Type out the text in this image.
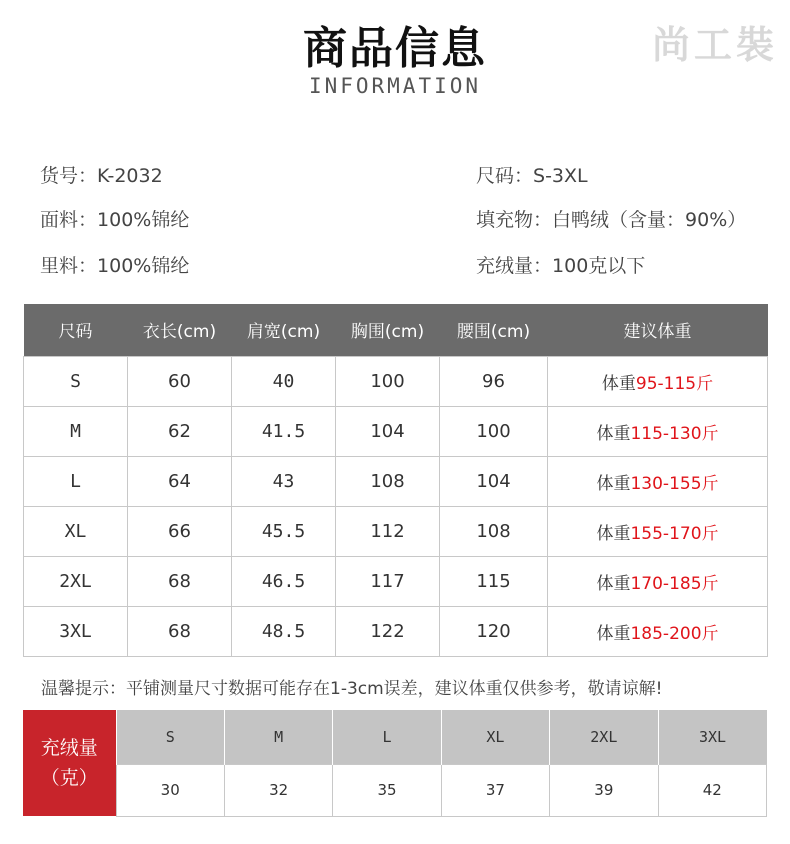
商品信息
INFORMATION
尚工裝
货号：K-2032	尺码：S-3XL
面料：100%锦纶	填充物：白鸭绒（含量：90%）
里料：100%锦纶	充绒量：100克以下
尺码	衣长(cm)	肩宽(cm)	胸围(cm)	腰围(cm)	建议体重
S	60	40	100	96	体重95-115斤
M	62	41.5	104	100	体重115-130斤
L	64	43	108	104	体重130-155斤
XL	66	45.5	112	108	体重155-170斤
2XL	68	46.5	117	115	体重170-185斤
3XL	68	48.5	122	120	体重185-200斤
温馨提示：平铺测量尺寸数据可能存在1-3cm误差，建议体重仅供参考，敬请谅解!
充绒量
（克）	S	M	L	XL	2XL	3XL
	30	32	35	37	39	42
